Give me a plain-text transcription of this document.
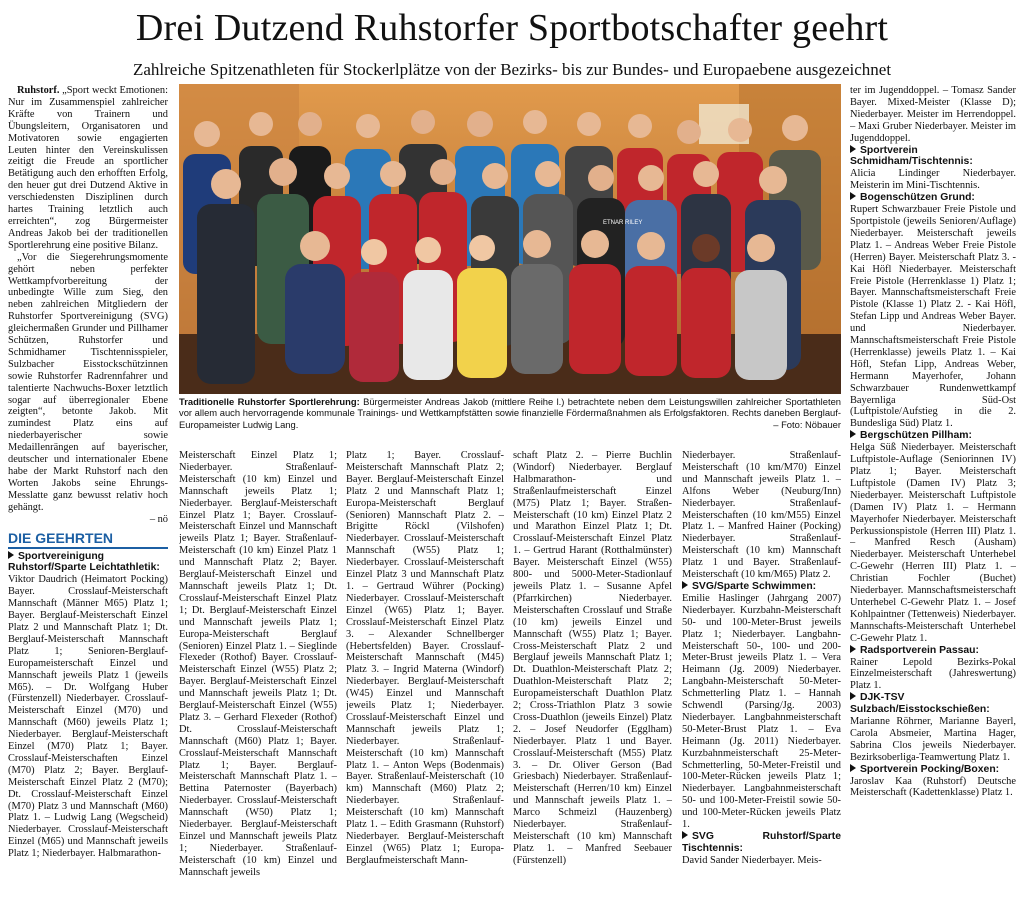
Drei Dutzend Ruhstorfer Sportbotschafter geehrt
Zahlreiche Spitzenathleten für Stockerlplätze von der Bezirks- bis zur Bundes- und Europaebene ausgezeichnet

Ruhstorf. „Sport weckt Emotionen: Nur im Zusammenspiel zahlreicher Kräfte von Trainern und Übungsleitern, Organisatoren und Motivatoren sowie engagierten Leuten hinter den Vereinskulissen zeitigt die Freude an sportlicher Betätigung auch den erhofften Erfolg, den heuer gut drei Dutzend Aktive in verschiedensten Disziplinen durch hartes Training letztlich auch erreichten“, zog Bürgermeister Andreas Jakob bei der traditionellen Sportlerehrung eine positive Bilanz.

„Vor die Siegerehrungsmomente gehört neben perfekter Wettkampfvorbereitung der unbedingte Wille zum Sieg, den neben zahlreichen Mitgliedern der Ruhstorfer Sportvereinigung (SVG) gleichermaßen Grunder und Pillhamer Schützen, Ruhstorfer und Schmidhamer Tischtennisspieler, Sulzbacher Eisstockschützinnen sowie Ruhstorfer Radrennfahrer und talentierte Nachwuchs-Boxer letztlich sogar auf überregionaler Ebene zeigten“, betonte Jakob. Mit zumindest Platz eins auf niederbayerischer sowie Medaillenrängen auf bayerischer, deutscher und internationaler Ebene habe der Markt Ruhstorf nach den Worten Jakobs seine Ehrungs-Messlatte ganz bewusst relativ hoch gehängt.

– nö

DIE GEEHRTEN

Sportvereinigung Ruhstorf/Sparte Leichtathletik:

Viktor Daudrich (Heimatort Pocking) Bayer. Crosslauf-Meisterschaft Mannschaft (Männer M65) Platz 1; Bayer. Berglauf-Meisterschaft Einzel Platz 2 und Mannschaft Platz 1; Dt. Berglauf-Meisterschaft Mannschaft Platz 1; Senioren-Berglauf-Europameisterschaft Einzel und Mannschaft jeweils Platz 1 (jeweils M65). – Dr. Wolfgang Huber (Fürstenzell) Niederbayer. Crosslauf-Meisterschaft Einzel (M70) und Mannschaft (M60) jeweils Platz 1; Niederbayer. Berglauf-Meisterschaft Einzel (M70) Platz 1; Bayer. Crosslauf-Meisterschaften Einzel (M70) Platz 2; Bayer. Berglauf-Meisterschaft Einzel Platz 2 (M70); Dt. Crosslauf-Meisterschaft Einzel (M70) Platz 3 und Mannschaft (M60) Platz 1. – Ludwig Lang (Wegscheid) Niederbayer. Crosslauf-Meisterschaft Einzel (M65) und Mannschaft jeweils Platz 1; Niederbayer. Halbmarathon-

ETNAR RILEY

Traditionelle Ruhstorfer Sportlerehrung: Bürgermeister Andreas Jakob (mittlere Reihe l.) betrachtete neben dem Leistungswillen zahlreicher Sportathleten vor allem auch hervorragende kommunale Trainings- und Wettkampfstätten sowie finanzielle Fördermaßnahmen als Erfolgsfaktoren. Rechts daneben Berglauf-Europameister Ludwig Lang.	– Foto: Nöbauer

Meisterschaft Einzel Platz 1; Niederbayer. Straßenlauf-Meisterschaft (10 km) Einzel und Mannschaft jeweils Platz 1; Niederbayer. Berglauf-Meisterschaft Einzel Platz 1; Bayer. Crosslauf-Meisterschaft Einzel und Mannschaft jeweils Platz 1; Bayer. Straßenlauf-Meisterschaft (10 km) Einzel Platz 1 und Mannschaft Platz 2; Bayer. Berglauf-Meisterschaft Einzel und Mannschaft jeweils Platz 1; Dt. Crosslauf-Meisterschaft Einzel Platz 1; Dt. Berglauf-Meisterschaft Einzel und Mannschaft jeweils Platz 1; Europa-Meisterschaft Berglauf (Senioren) Einzel Platz 1. – Sieglinde Flexeder (Rothof) Bayer. Crosslauf-Meisterschaft Einzel (W55) Platz 2; Bayer. Berglauf-Meisterschaft Einzel und Mannschaft jeweils Platz 1; Dt. Berglauf-Meisterschaft Einzel (W55) Platz 3. – Gerhard Flexeder (Rothof) Dt. Crosslauf-Meisterschaft Mannschaft (M60) Platz 1; Bayer. Crosslauf-Meisterschaft Mannschaft Platz 1; Bayer. Berglauf-Meisterschaft Mannschaft Platz 1. – Bettina Paternoster (Bayerbach) Niederbayer. Crosslauf-Meisterschaft Mannschaft (W50) Platz 1; Niederbayer. Berglauf-Meisterschaft Einzel und Mannschaft jeweils Platz 1; Niederbayer. Straßenlauf-Meisterschaft (10 km) Einzel und Mannschaft jeweils

Platz 1; Bayer. Crosslauf-Meisterschaft Mannschaft Platz 2; Bayer. Berglauf-Meisterschaft Einzel Platz 2 und Mannschaft Platz 1; Europa-Meisterschaft Berglauf (Senioren) Mannschaft Platz 2. – Brigitte Röckl (Vilshofen) Niederbayer. Crosslauf-Meisterschaft Mannschaft (W55) Platz 1; Niederbayer. Crosslauf-Meisterschaft Einzel Platz 3 und Mannschaft Platz 1. – Gertraud Wührer (Pocking) Niederbayer. Crosslauf-Meisterschaft Einzel (W65) Platz 1; Bayer. Crosslauf-Meisterschaft Einzel Platz 3. – Alexander Schnellberger (Hebertsfelden) Bayer. Crosslauf-Meisterschaft Mannschaft (M45) Platz 3. – Ingrid Materna (Windorf) Niederbayer. Berglauf-Meisterschaft (W45) Einzel und Mannschaft jeweils Platz 1; Niederbayer. Crosslauf-Meisterschaft Einzel und Mannschaft jeweils Platz 1; Niederbayer. Straßenlauf-Meisterschaft (10 km) Mannschaft Platz 1. – Anton Weps (Bodenmais) Bayer. Straßenlauf-Meisterschaft (10 km) Mannschaft (M60) Platz 2; Niederbayer. Straßenlauf-Meisterschaft (10 km) Mannschaft Platz 1. – Edith Grasmann (Ruhstorf) Niederbayer. Berglauf-Meisterschaft Einzel (W65) Platz 1; Europa-Berglaufmeisterschaft Mann-

schaft Platz 2. – Pierre Buchlin (Windorf) Niederbayer. Berglauf Halbmarathon- und Straßenlaufmeisterschaft Einzel (M75) Platz 1; Bayer. Straßen-Meisterschaft (10 km) Einzel Platz 2 und Marathon Einzel Platz 1; Dt. Crosslauf-Meisterschaft Einzel Platz 1. – Gertrud Harant (Rotthalmünster) Bayer. Meisterschaft Einzel (W55) 800- und 5000-Meter-Stadionlauf jeweils Platz 1. – Susanne Apfel (Pfarrkirchen) Niederbayer. Meisterschaften Crosslauf und Straße (10 km) jeweils Einzel und Mannschaft (W55) Platz 1; Bayer. Cross-Meisterschaft Platz 2 und Berglauf jeweils Mannschaft Platz 1; Dt. Duathlon-Meisterschaft Platz 2; Duathlon-Meisterschaft Platz 2; Europameisterschaft Duathlon Platz 2; Cross-Triathlon Platz 3 sowie Cross-Duathlon (jeweils Einzel) Platz 2. – Josef Neudorfer (Egglham) Niederbayer. Platz 1 und Bayer. Crosslauf-Meisterschaft (M55) Platz 3. – Dr. Oliver Gerson (Bad Griesbach) Niederbayer. Straßenlauf-Meisterschaft (Herren/10 km) Einzel und Mannschaft jeweils Platz 1. – Marco Schmeizl (Hauzenberg) Niederbayer. Straßenlauf-Meisterschaft (10 km) Mannschaft Platz 1. – Manfred Seebauer (Fürstenzell)

Niederbayer. Straßenlauf-Meisterschaft (10 km/M70) Einzel und Mannschaft jeweils Platz 1. – Alfons Weber (Neuburg/Inn) Niederbayer. Straßenlauf-Meisterschaften (10 km/M55) Einzel Platz 1. – Manfred Hainer (Pocking) Niederbayer. Straßenlauf-Meisterschaft (10 km) Mannschaft Platz 1 und Bayer. Straßenlauf-Meisterschaft (10 km/M65) Platz 2.

SVG/Sparte Schwimmen:

Emilie Haslinger (Jahrgang 2007) Niederbayer. Kurzbahn-Meisterschaft 50- und 100-Meter-Brust jeweils Platz 1; Niederbayer. Langbahn-Meisterschaft 50-, 100- und 200-Meter-Brust jeweils Platz 1. – Vera Heimann (Jg. 2009) Niederbayer. Langbahn-Meisterschaft 50-Meter-Schmetterling Platz 1. – Hannah Schwendl (Parsing/Jg. 2003) Niederbayer. Langbahnmeisterschaft 50-Meter-Brust Platz 1. – Eva Heimann (Jg. 2011) Niederbayer. Kurzbahnmeisterschaft 25-Meter-Schmetterling, 50-Meter-Freistil und 100-Meter-Rücken jeweils Platz 1; Niederbayer. Langbahnmeisterschaft 50- und 100-Meter-Freistil sowie 50- und 100-Meter-Rücken jeweils Platz 1.

SVG Ruhstorf/Sparte Tischtennis:

David Sander Niederbayer. Meis-

ter im Jugenddoppel. – Tomasz Sander Bayer. Mixed-Meister (Klasse D); Niederbayer. Meister im Herrendoppel. – Maxi Gruber Niederbayer. Meister im Jugenddoppel.

Sportverein Schmidham/Tischtennis:

Alicia Lindinger Niederbayer. Meisterin im Mini-Tischtennis.

Bogenschützen Grund:

Rupert Schwarzbauer Freie Pistole und Sportpistole (jeweils Senioren/Auflage) Niederbayer. Meisterschaft jeweils Platz 1. – Andreas Weber Freie Pistole (Herren) Bayer. Meisterschaft Platz 3. - Kai Höfl Niederbayer. Meisterschaft Freie Pistole (Herrenklasse 1) Platz 1; Bayer. Mannschaftsmeisterschaft Freie Pistole (Klasse 1) Platz 2. - Kai Höfl, Stefan Lipp und Andreas Weber Bayer. und Niederbayer. Mannschaftsmeisterschaft Freie Pistole (Herrenklasse) jeweils Platz 1. – Kai Höfl, Stefan Lipp, Andreas Weber, Hermann Mayerhofer, Johann Schwarzbauer Rundenwettkampf Bayernliga Süd-Ost (Luftpistole/Aufstieg in die 2. Bundesliga Süd) Platz 1.

Bergschützen Pillham:

Helga Süß Niederbayer. Meisterschaft Luftpistole-Auflage (Seniorinnen IV) Platz 1; Bayer. Meisterschaft Luftpistole (Damen IV) Platz 3; Niederbayer. Meisterschaft Luftpistole (Damen IV) Platz 1. – Hermann Mayerhofer Niederbayer. Meisterschaft Perkussionspistole (Herren III) Platz 1. – Manfred Resch (Ausham) Niederbayer. Meisterschaft Unterhebel C-Gewehr (Herren III) Platz 1. – Christian Fochler (Buchet) Niederbayer. Mannschaftsmeisterschaft Unterhebel C-Gewehr Platz 1. – Josef Kohlpaintner (Tettenweis) Niederbayer. Mannschafts-Meisterschaft Unterhebel C-Gewehr Platz 1.

Radsportverein Passau:

Rainer Lepold Bezirks-Pokal Einzelmeisterschaft (Jahreswertung) Platz 1.

DJK-TSV Sulzbach/Eisstockschießen:

Marianne Röhrner, Marianne Bayerl, Carola Absmeier, Martina Hager, Sabrina Clos jeweils Niederbayer. Bezirksoberliga-Teamwertung Platz 1.

Sportverein Pocking/Boxen:

Jaroslav Kaa (Ruhstorf) Deutsche Meisterschaft (Kadettenklasse) Platz 1.
